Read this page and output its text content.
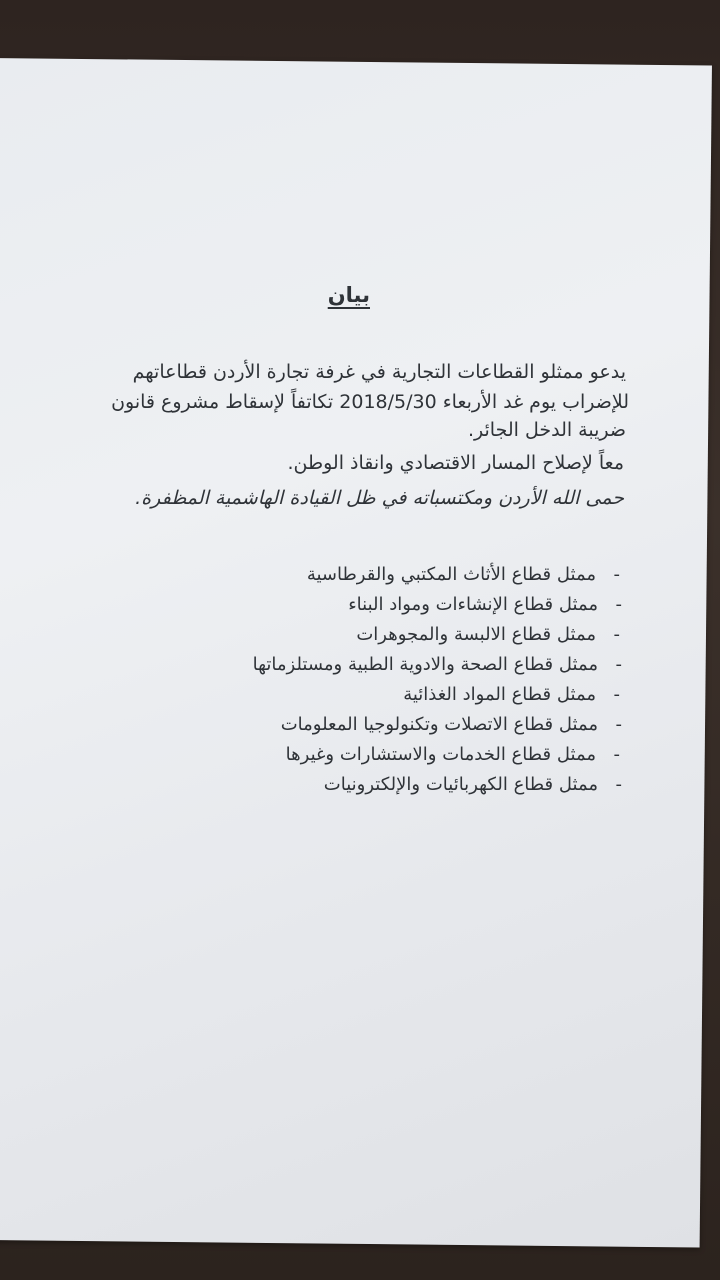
بيان
يدعو ممثلو القطاعات التجارية في غرفة تجارة الأردن قطاعاتهم
للإضراب يوم غد الأربعاء 2018/5/30 تكاتفاً لإسقاط مشروع قانون
ضريبة الدخل الجائر.
معاً لإصلاح المسار الاقتصادي وانقاذ الوطن.
حمى الله الأردن ومكتسباته في ظل القيادة الهاشمية المظفرة.
- ممثل قطاع الأثاث المكتبي والقرطاسية
- ممثل قطاع الإنشاءات ومواد البناء
- ممثل قطاع الالبسة والمجوهرات
- ممثل قطاع الصحة والادوية الطبية ومستلزماتها
- ممثل قطاع المواد الغذائية
- ممثل قطاع الاتصلات وتكنولوجيا المعلومات
- ممثل قطاع الخدمات والاستشارات وغيرها
- ممثل قطاع الكهربائيات والإلكترونيات
